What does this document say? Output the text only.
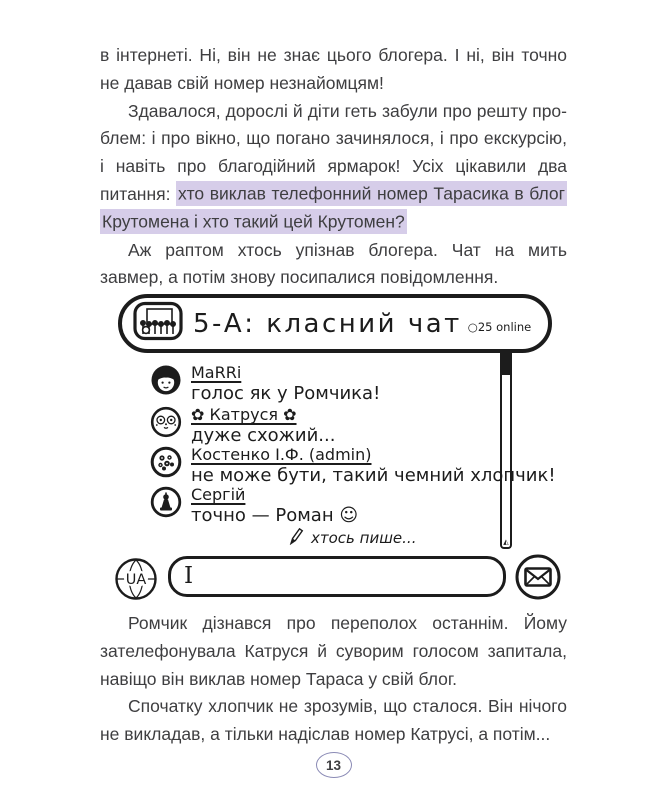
в інтернеті. Ні, він не знає цього блогера. І ні, він точно не давав свій номер незнайомцям!

Здавалося, дорослі й діти геть забули про решту проблем: і про вікно, що погано зачинялося, і про екскурсію, і навіть про благодійний ярмарок! Усіх цікавили два питання: хто виклав телефонний номер Тарасика в блог Крутомена і хто такий цей Крутомен?

Аж раптом хтось упізнав блогера. Чат на мить завмер, а потім знову посипалися повідомлення.

5-А: класний чат ○25 online
◭
MaRRi
голос як у Ромчика!
✿ Катруся ✿
дуже схожий...
Костенко І.Ф. (admin)
не може бути, такий чемний хлопчик!
Сергій
точно — Роман ☺
хтось пише...
UA I

Ромчик дізнався про переполох останнім. Йому зателефонувала Катруся й суворим голосом запитала, навіщо він виклав номер Тараса у свій блог.

Спочатку хлопчик не зрозумів, що сталося. Він нічого не викладав, а тільки надіслав номер Катрусі, а потім...

13
